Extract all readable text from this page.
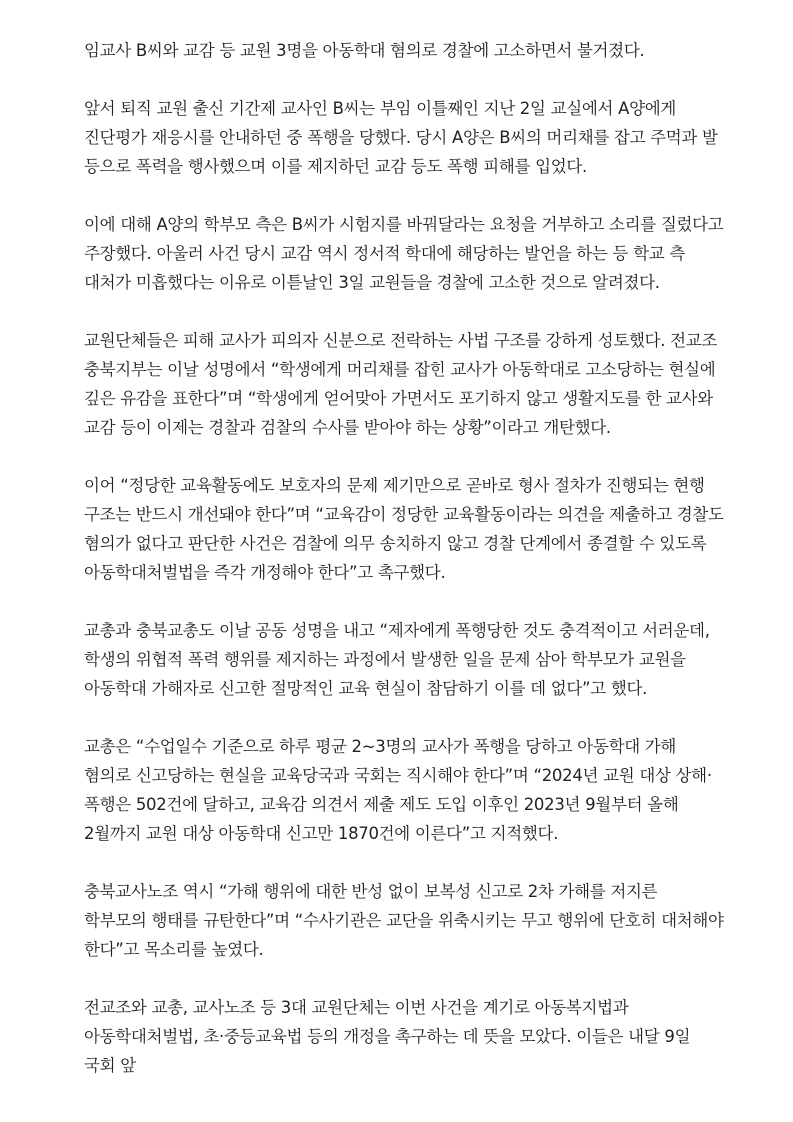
임교사 B씨와 교감 등 교원 3명을 아동학대 혐의로 경찰에 고소하면서 불거졌다.

앞서 퇴직 교원 출신 기간제 교사인 B씨는 부임 이틀째인 지난 2일 교실에서 A양에게 진단평가 재응시를 안내하던 중 폭행을 당했다. 당시 A양은 B씨의 머리채를 잡고 주먹과 발 등으로 폭력을 행사했으며 이를 제지하던 교감 등도 폭행 피해를 입었다.

이에 대해 A양의 학부모 측은 B씨가 시험지를 바꿔달라는 요청을 거부하고 소리를 질렀다고 주장했다. 아울러 사건 당시 교감 역시 정서적 학대에 해당하는 발언을 하는 등 학교 측 대처가 미흡했다는 이유로 이튿날인 3일 교원들을 경찰에 고소한 것으로 알려졌다.

교원단체들은 피해 교사가 피의자 신분으로 전락하는 사법 구조를 강하게 성토했다. 전교조 충북지부는 이날 성명에서 “학생에게 머리채를 잡힌 교사가 아동학대로 고소당하는 현실에 깊은 유감을 표한다”며 “학생에게 얻어맞아 가면서도 포기하지 않고 생활지도를 한 교사와 교감 등이 이제는 경찰과 검찰의 수사를 받아야 하는 상황”이라고 개탄했다.

이어 “정당한 교육활동에도 보호자의 문제 제기만으로 곧바로 형사 절차가 진행되는 현행 구조는 반드시 개선돼야 한다”며 “교육감이 정당한 교육활동이라는 의견을 제출하고 경찰도 혐의가 없다고 판단한 사건은 검찰에 의무 송치하지 않고 경찰 단계에서 종결할 수 있도록 아동학대처벌법을 즉각 개정해야 한다”고 촉구했다.

교총과 충북교총도 이날 공동 성명을 내고 “제자에게 폭행당한 것도 충격적이고 서러운데, 학생의 위협적 폭력 행위를 제지하는 과정에서 발생한 일을 문제 삼아 학부모가 교원을 아동학대 가해자로 신고한 절망적인 교육 현실이 참담하기 이를 데 없다”고 했다.

교총은 “수업일수 기준으로 하루 평균 2~3명의 교사가 폭행을 당하고 아동학대 가해 혐의로 신고당하는 현실을 교육당국과 국회는 직시해야 한다”며 “2024년 교원 대상 상해·폭행은 502건에 달하고, 교육감 의견서 제출 제도 도입 이후인 2023년 9월부터 올해 2월까지 교원 대상 아동학대 신고만 1870건에 이른다”고 지적했다.

충북교사노조 역시 “가해 행위에 대한 반성 없이 보복성 신고로 2차 가해를 저지른 학부모의 행태를 규탄한다”며 “수사기관은 교단을 위축시키는 무고 행위에 단호히 대처해야 한다”고 목소리를 높였다.

전교조와 교총, 교사노조 등 3대 교원단체는 이번 사건을 계기로 아동복지법과 아동학대처벌법, 초·중등교육법 등의 개정을 촉구하는 데 뜻을 모았다. 이들은 내달 9일 국회 앞
